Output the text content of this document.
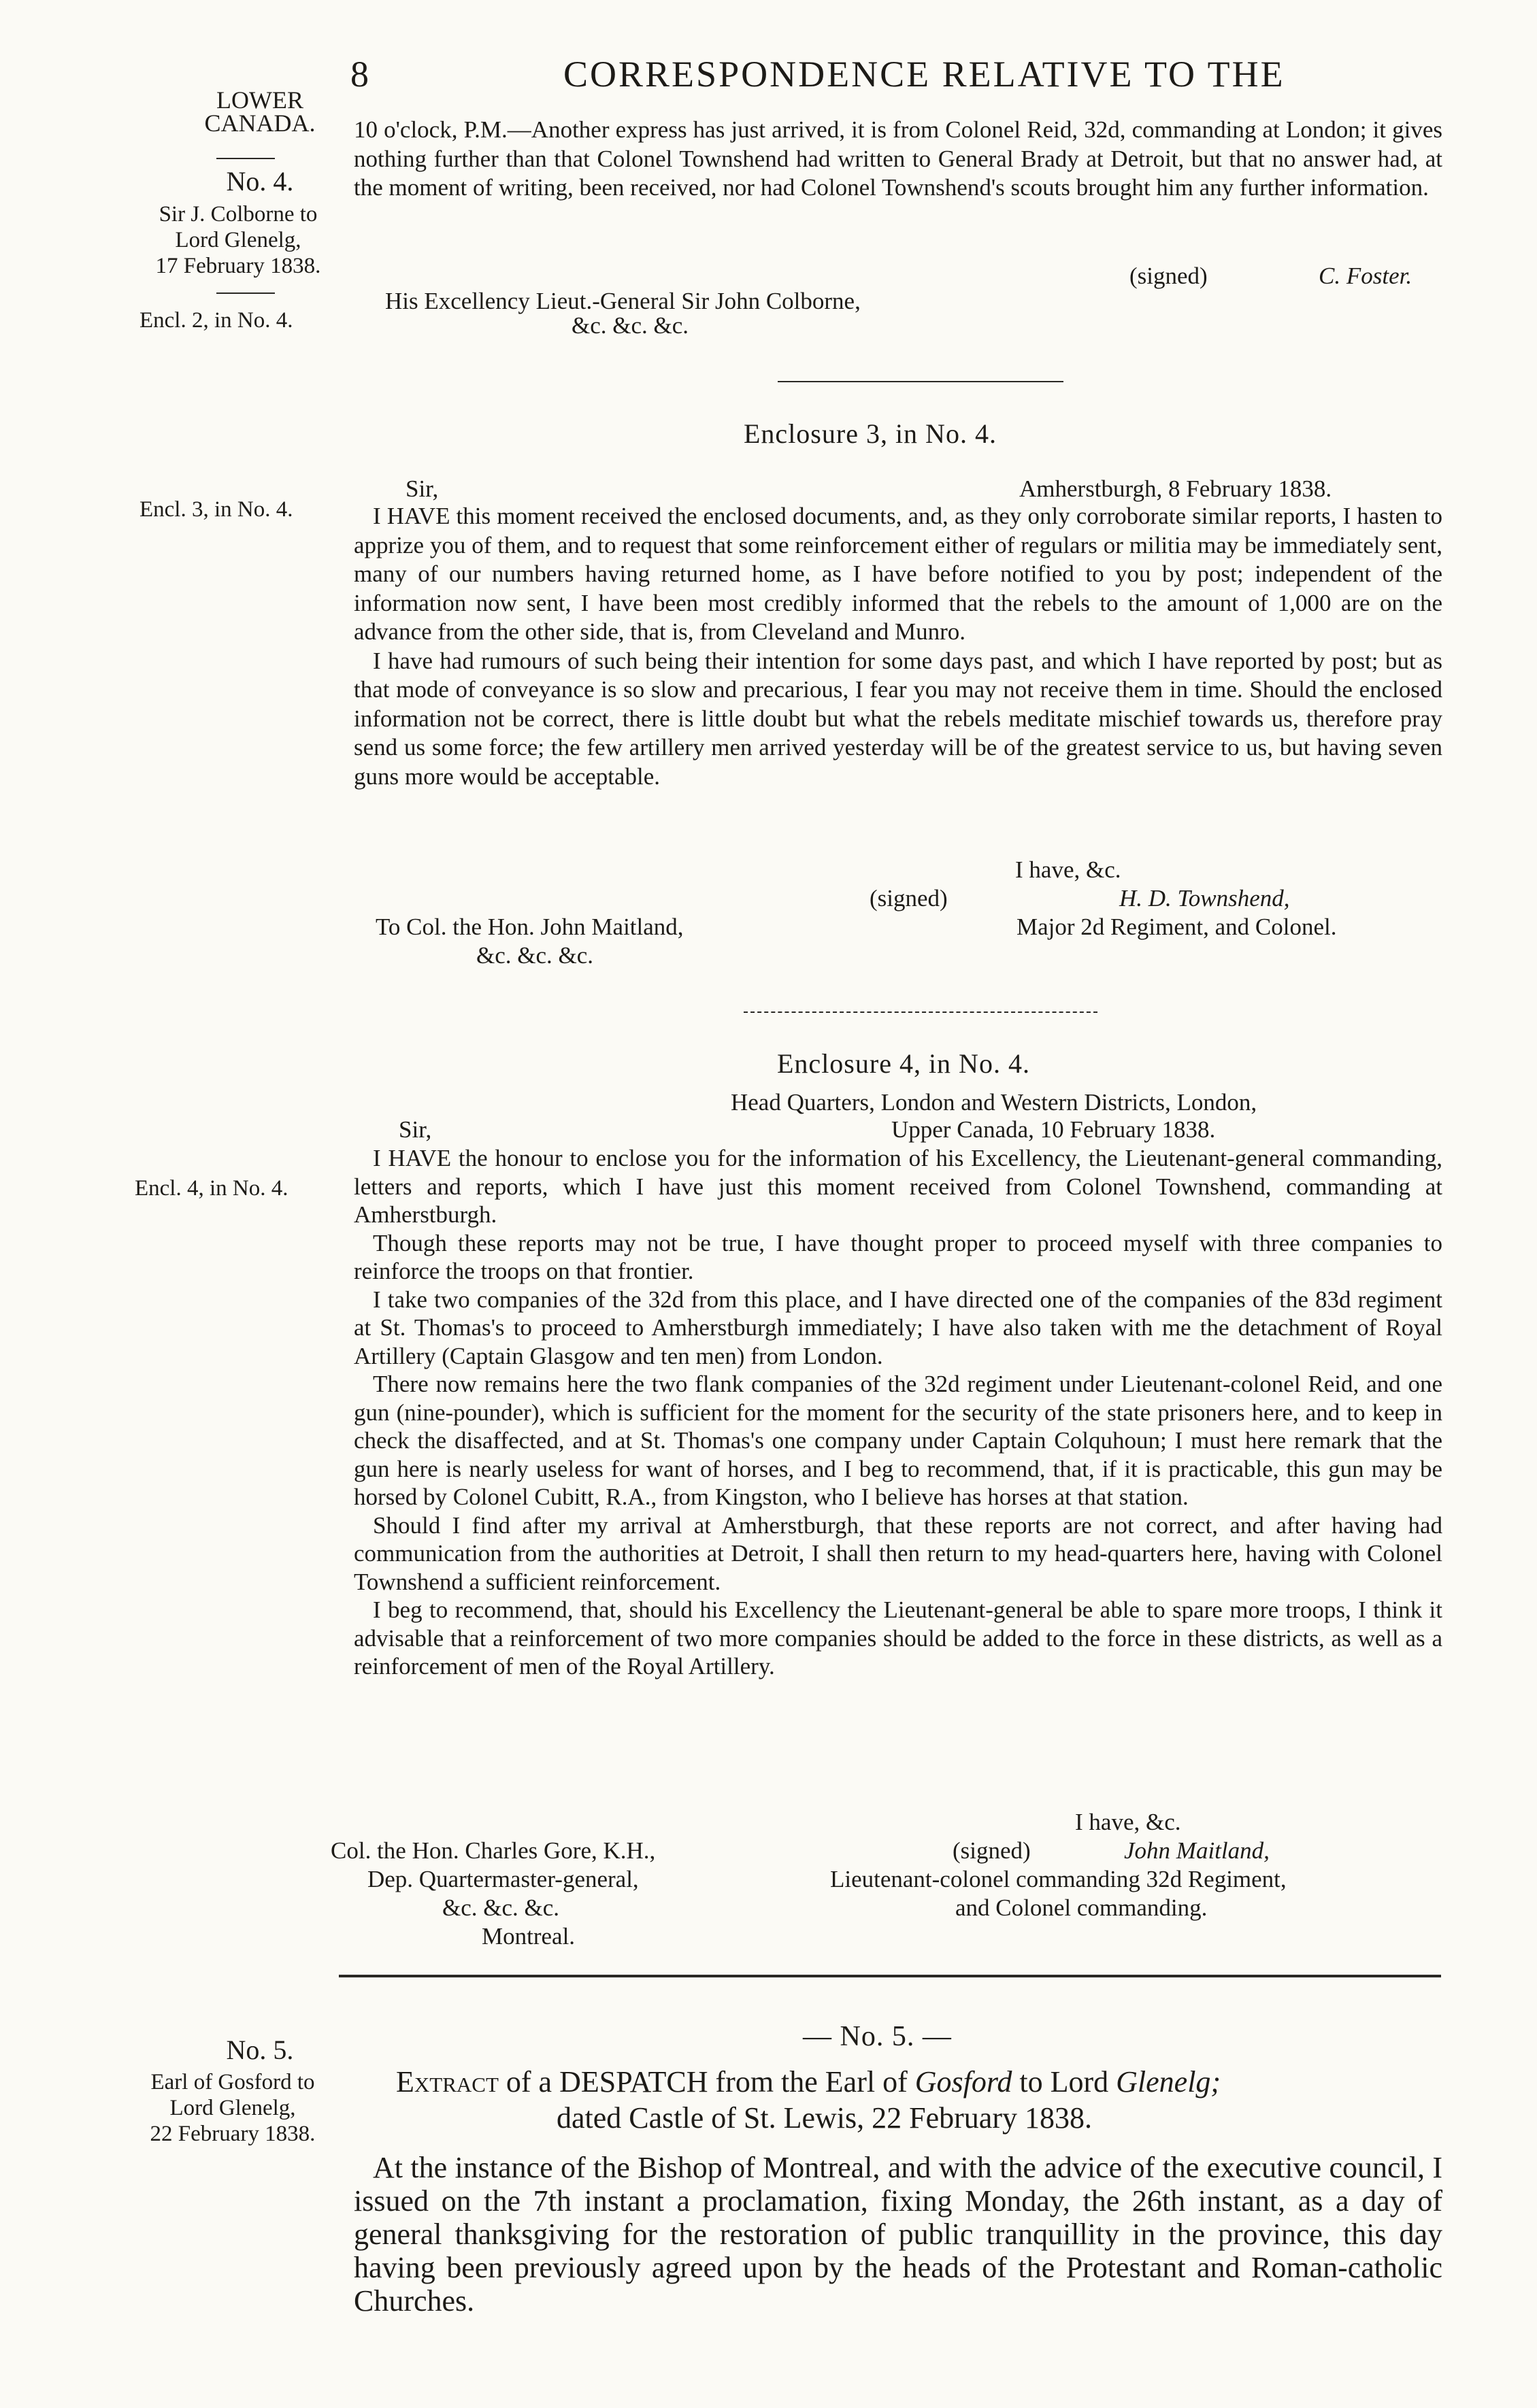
8	CORRESPONDENCE RELATIVE TO THE
LOWER
CANADA.
No. 4.
Sir J. Colborne to
Lord Glenelg,
17 February 1838.
Encl. 2, in No. 4.
Encl. 3, in No. 4.
Encl. 4, in No. 4.
No. 5.
Earl of Gosford to
Lord Glenelg,
22 February 1838.

10 o'clock, P.M.—Another express has just arrived, it is from Colonel Reid, 32d, commanding at London; it gives nothing further than that Colonel Townshend had written to General Brady at Detroit, but that no answer had, at the moment of writing, been received, nor had Colonel Townshend's scouts brought him any further information.

(signed)	C. Foster.
His Excellency Lieut.-General Sir John Colborne,
&c. &c. &c.
Enclosure 3, in No. 4.
Sir,	Amherstburgh, 8 February 1838.

I HAVE this moment received the enclosed documents, and, as they only corroborate similar reports, I hasten to apprize you of them, and to request that some reinforcement either of regulars or militia may be immediately sent, many of our numbers having returned home, as I have before notified to you by post; independent of the information now sent, I have been most credibly informed that the rebels to the amount of 1,000 are on the advance from the other side, that is, from Cleveland and Munro.

I have had rumours of such being their intention for some days past, and which I have reported by post; but as that mode of conveyance is so slow and precarious, I fear you may not receive them in time. Should the enclosed information not be correct, there is little doubt but what the rebels meditate mischief towards us, therefore pray send us some force; the few artillery men arrived yesterday will be of the greatest service to us, but having seven guns more would be acceptable.

I have, &c.
(signed)	H. D. Townshend,
To Col. the Hon. John Maitland,	Major 2d Regiment, and Colonel.
&c. &c. &c.
Enclosure 4, in No. 4.
Head Quarters, London and Western Districts, London,
Sir,	Upper Canada, 10 February 1838.

I HAVE the honour to enclose you for the information of his Excellency, the Lieutenant-general commanding, letters and reports, which I have just this moment received from Colonel Townshend, commanding at Amherstburgh.

Though these reports may not be true, I have thought proper to proceed myself with three companies to reinforce the troops on that frontier.

I take two companies of the 32d from this place, and I have directed one of the companies of the 83d regiment at St. Thomas's to proceed to Amherstburgh immediately; I have also taken with me the detachment of Royal Artillery (Captain Glasgow and ten men) from London.

There now remains here the two flank companies of the 32d regiment under Lieutenant-colonel Reid, and one gun (nine-pounder), which is sufficient for the moment for the security of the state prisoners here, and to keep in check the disaffected, and at St. Thomas's one company under Captain Colquhoun; I must here remark that the gun here is nearly useless for want of horses, and I beg to recommend, that, if it is practicable, this gun may be horsed by Colonel Cubitt, R.A., from Kingston, who I believe has horses at that station.

Should I find after my arrival at Amherstburgh, that these reports are not correct, and after having had communication from the authorities at Detroit, I shall then return to my head-quarters here, having with Colonel Townshend a sufficient reinforcement.

I beg to recommend, that, should his Excellency the Lieutenant-general be able to spare more troops, I think it advisable that a reinforcement of two more companies should be added to the force in these districts, as well as a reinforcement of men of the Royal Artillery.

I have, &c.
Col. the Hon. Charles Gore, K.H.,	(signed)	John Maitland,
Dep. Quartermaster-general,	Lieutenant-colonel commanding 32d Regiment,
&c. &c. &c.	and Colonel commanding.
Montreal.
— No. 5. —
Extract of a DESPATCH from the Earl of Gosford to Lord Glenelg;
dated Castle of St. Lewis, 22 February 1838.

At the instance of the Bishop of Montreal, and with the advice of the executive council, I issued on the 7th instant a proclamation, fixing Monday, the 26th instant, as a day of general thanksgiving for the restoration of public tranquillity in the province, this day having been previously agreed upon by the heads of the Protestant and Roman-catholic Churches.
